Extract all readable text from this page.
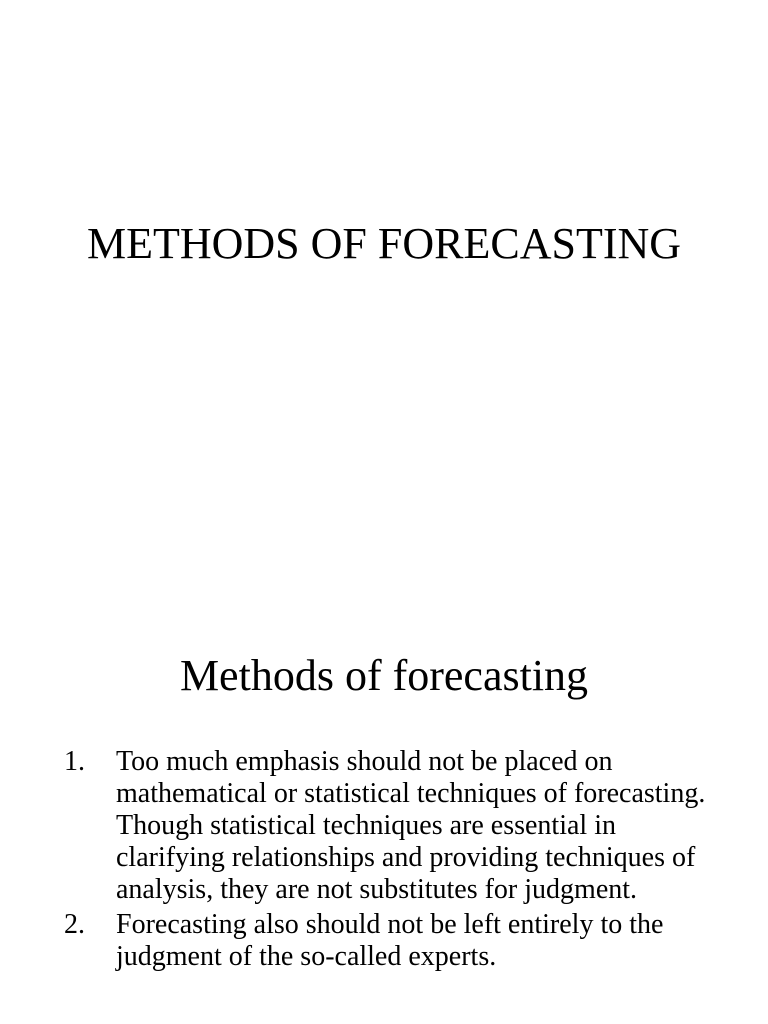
METHODS OF FORECASTING
Methods of forecasting
1.	Too much emphasis should not be placed on mathematical or statistical techniques of forecasting. Though statistical techniques are essential in clarifying relationships and providing techniques of analysis, they are not substitutes for judgment.
2.	Forecasting also should not be left entirely to the judgment of the so-called experts.
